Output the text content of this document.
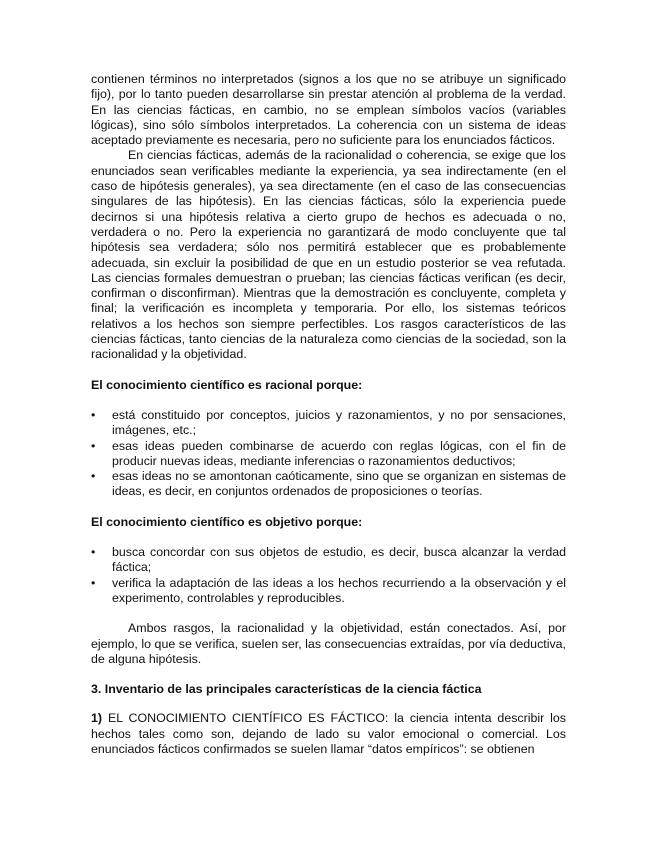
contienen términos no interpretados (signos a los que no se atribuye un significado fijo), por lo tanto pueden desarrollarse sin prestar atención al problema de la verdad. En las ciencias fácticas, en cambio, no se emplean símbolos vacíos (variables lógicas), sino sólo símbolos interpretados. La coherencia con un sistema de ideas aceptado previamente es necesaria, pero no suficiente para los enunciados fácticos.

En ciencias fácticas, además de la racionalidad o coherencia, se exige que los enunciados sean verificables mediante la experiencia, ya sea indirectamente (en el caso de hipótesis generales), ya sea directamente (en el caso de las consecuencias singulares de las hipótesis). En las ciencias fácticas, sólo la experiencia puede decirnos si una hipótesis relativa a cierto grupo de hechos es adecuada o no, verdadera o no. Pero la experiencia no garantizará de modo concluyente que tal hipótesis sea verdadera; sólo nos permitirá establecer que es probablemente adecuada, sin excluir la posibilidad de que en un estudio posterior se vea refutada. Las ciencias formales demuestran o prueban; las ciencias fácticas verifican (es decir, confirman o disconfirman). Mientras que la demostración es concluyente, completa y final; la verificación es incompleta y temporaria. Por ello, los sistemas teóricos relativos a los hechos son siempre perfectibles. Los rasgos característicos de las ciencias fácticas, tanto ciencias de la naturaleza como ciencias de la sociedad, son la racionalidad y la objetividad.

El conocimiento científico es racional porque:
• está constituido por conceptos, juicios y razonamientos, y no por sensaciones, imágenes, etc.;
• esas ideas pueden combinarse de acuerdo con reglas lógicas, con el fin de producir nuevas ideas, mediante inferencias o razonamientos deductivos;
• esas ideas no se amontonan caóticamente, sino que se organizan en sistemas de ideas, es decir, en conjuntos ordenados de proposiciones o teorías.
El conocimiento científico es objetivo porque:
• busca concordar con sus objetos de estudio, es decir, busca alcanzar la verdad fáctica;
• verifica la adaptación de las ideas a los hechos recurriendo a la observación y el experimento, controlables y reproducibles.

Ambos rasgos, la racionalidad y la objetividad, están conectados. Así, por ejemplo, lo que se verifica, suelen ser, las consecuencias extraídas, por vía deductiva, de alguna hipótesis.

3. Inventario de las principales características de la ciencia fáctica

1) EL CONOCIMIENTO CIENTÍFICO ES FÁCTICO: la ciencia intenta describir los hechos tales como son, dejando de lado su valor emocional o comercial. Los enunciados fácticos confirmados se suelen llamar “datos empíricos”: se obtienen
